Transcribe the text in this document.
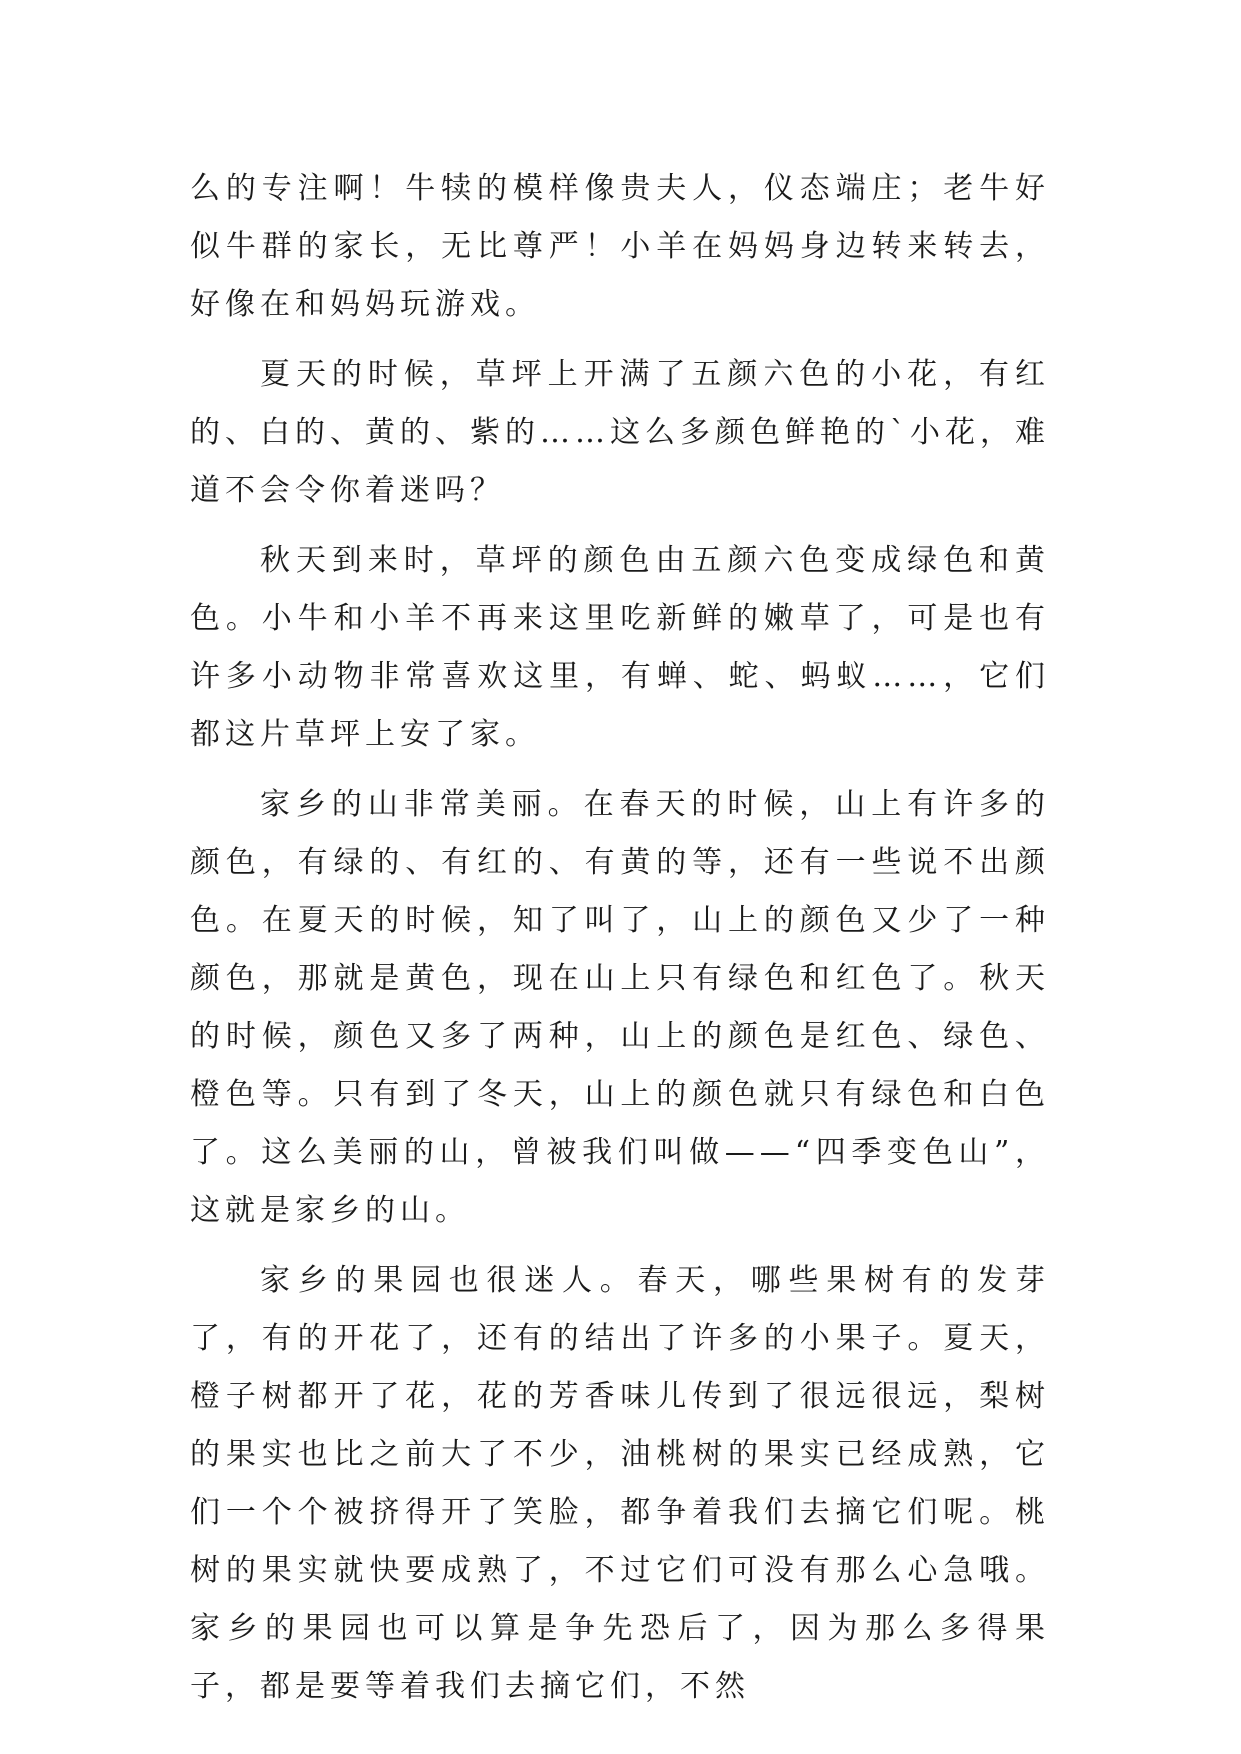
么的专注啊！牛犊的模样像贵夫人，仪态端庄；老牛好似牛群的家长，无比尊严！小羊在妈妈身边转来转去，好像在和妈妈玩游戏。

夏天的时候，草坪上开满了五颜六色的小花，有红的、白的、黄的、紫的……这么多颜色鲜艳的`小花，难道不会令你着迷吗？

秋天到来时，草坪的颜色由五颜六色变成绿色和黄色。小牛和小羊不再来这里吃新鲜的嫩草了，可是也有许多小动物非常喜欢这里，有蝉、蛇、蚂蚁……，它们都这片草坪上安了家。

家乡的山非常美丽。在春天的时候，山上有许多的颜色，有绿的、有红的、有黄的等，还有一些说不出颜色。在夏天的时候，知了叫了，山上的颜色又少了一种颜色，那就是黄色，现在山上只有绿色和红色了。秋天的时候，颜色又多了两种，山上的颜色是红色、绿色、橙色等。只有到了冬天，山上的颜色就只有绿色和白色了。这么美丽的山，曾被我们叫做——“四季变色山”，这就是家乡的山。

家乡的果园也很迷人。春天，哪些果树有的发芽了，有的开花了，还有的结出了许多的小果子。夏天，橙子树都开了花，花的芳香味儿传到了很远很远，梨树的果实也比之前大了不少，油桃树的果实已经成熟，它们一个个被挤得开了笑脸，都争着我们去摘它们呢。桃树的果实就快要成熟了，不过它们可没有那么心急哦。家乡的果园也可以算是争先恐后了，因为那么多得果子，都是要等着我们去摘它们，不然
